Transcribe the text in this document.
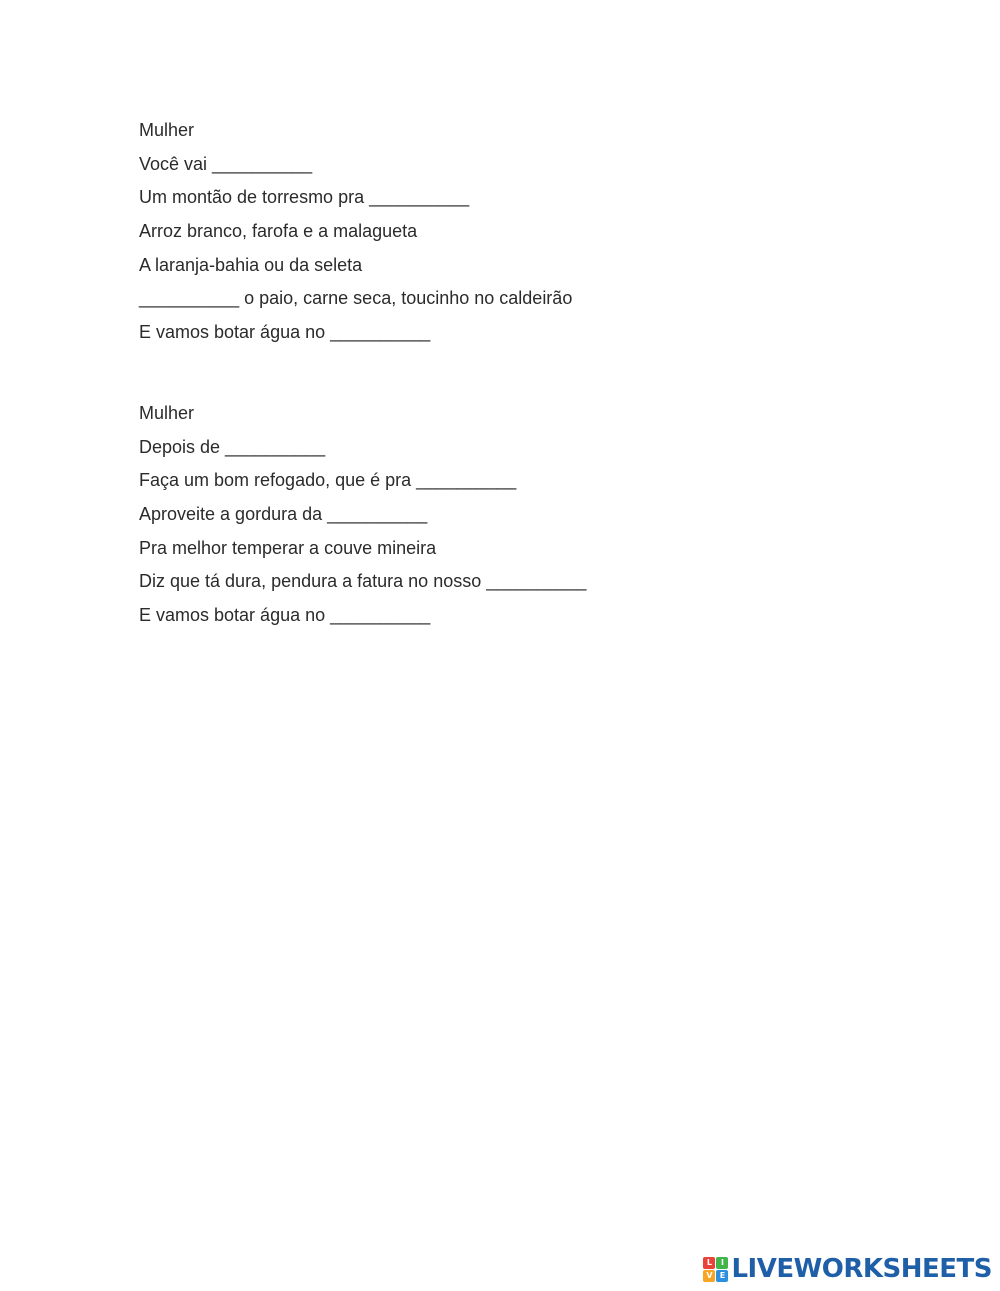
Mulher
Você vai __________
Um montão de torresmo pra __________
Arroz branco, farofa e a malagueta
A laranja-bahia ou da seleta
__________ o paio, carne seca, toucinho no caldeirão
E vamos botar água no __________
Mulher
Depois de __________
Faça um bom refogado, que é pra __________
Aproveite a gordura da __________
Pra melhor temperar a couve mineira
Diz que tá dura, pendura a fatura no nosso __________
E vamos botar água no __________
L	I
V E LIVEWORKSHEETS
